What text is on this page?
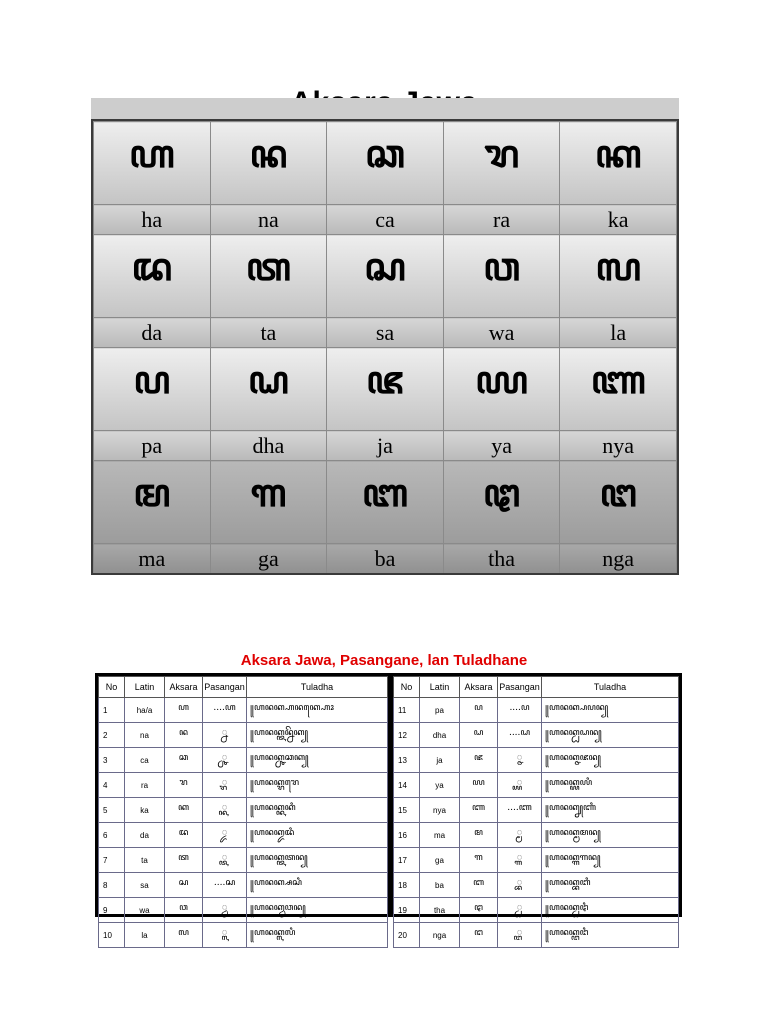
ꦲ	ꦤ	ꦕ	ꦫ	ꦏ
ha	na	ca	ra	ka
ꦢ	ꦠ	ꦱ	ꦮ	ꦭ
da	ta	sa	wa	la
ꦥ	ꦝ	ꦗ	ꦪ	ꦚ
pa	dha	ja	ya	nya
ꦩ	ꦒ	ꦧ	ꦛ	ꦔ
ma	ga	ba	tha	nga
Aksara Jawa, Pasangane, lan Tuladhane
No	Latin	Aksara	Pasangan	Tuladha
1	ha/a	ꦲ	....ꦲ	꧋ꦲꦤꦏ꧀ꦲꦤꦏ꧀ꦲꦺꦴ
2	na	ꦤ	꧀ꦤ	꧋ꦲꦤꦏ꧀ꦠꦤ꧀ꦤꦼꦏ꧀
3	ca	ꦕ	꧀ꦕ	꧋ꦲꦤꦏ꧀ꦕꦕꦏ꧀
4	ra	ꦫ	꧀ꦫ	꧋ꦲꦤꦏ꧀ꦫꦫꦺ
5	ka	ꦏ	꧀ꦏ	꧋ꦲꦤꦏ꧀ꦏꦏꦶ
6	da	ꦢ	꧀ꦢ	꧋ꦲꦤꦏ꧀ꦢꦢꦶ
7	ta	ꦠ	꧀ꦠ	꧋ꦲꦤꦏ꧀ꦠꦠꦤ꧀
8	sa	ꦱ	....ꦱ	꧋ꦲꦤꦏ꧀ꦱꦱꦶ
9	wa	ꦮ	꧀ꦮ	꧋ꦲꦤꦏ꧀ꦮꦮꦤ꧀
10	la	ꦭ	꧀ꦭ	꧋ꦲꦤꦏ꧀ꦭꦭꦶ
No	Latin	Aksara	Pasangan	Tuladha
11	pa	ꦥ	....ꦥ	꧋ꦲꦤꦏ꧀ꦥꦥꦤ꧀
12	dha	ꦝ	....ꦝ	꧋ꦲꦤꦏ꧀ꦝꦝꦤ꧀
13	ja	ꦗ	꧀ꦗ	꧋ꦲꦤꦏ꧀ꦗꦗꦤ꧀
14	ya	ꦪ	꧀ꦪ	꧋ꦲꦤꦏ꧀ꦪꦪꦶ
15	nya	ꦚ	....ꦚ	꧋ꦲꦤꦏ꧀ꦚꦚꦶ
16	ma	ꦩ	꧀ꦩ	꧋ꦲꦤꦏ꧀ꦩꦩꦤ꧀
17	ga	ꦒ	꧀ꦒ	꧋ꦲꦤꦏ꧀ꦒꦒꦤ꧀
18	ba	ꦧ	꧀ꦧ	꧋ꦲꦤꦏ꧀ꦧꦧꦶ
19	tha	ꦛ	꧀ꦛ	꧋ꦲꦤꦏ꧀ꦛꦛꦶ
20	nga	ꦔ	꧀ꦔ	꧋ꦲꦤꦏ꧀ꦔꦔꦶ
